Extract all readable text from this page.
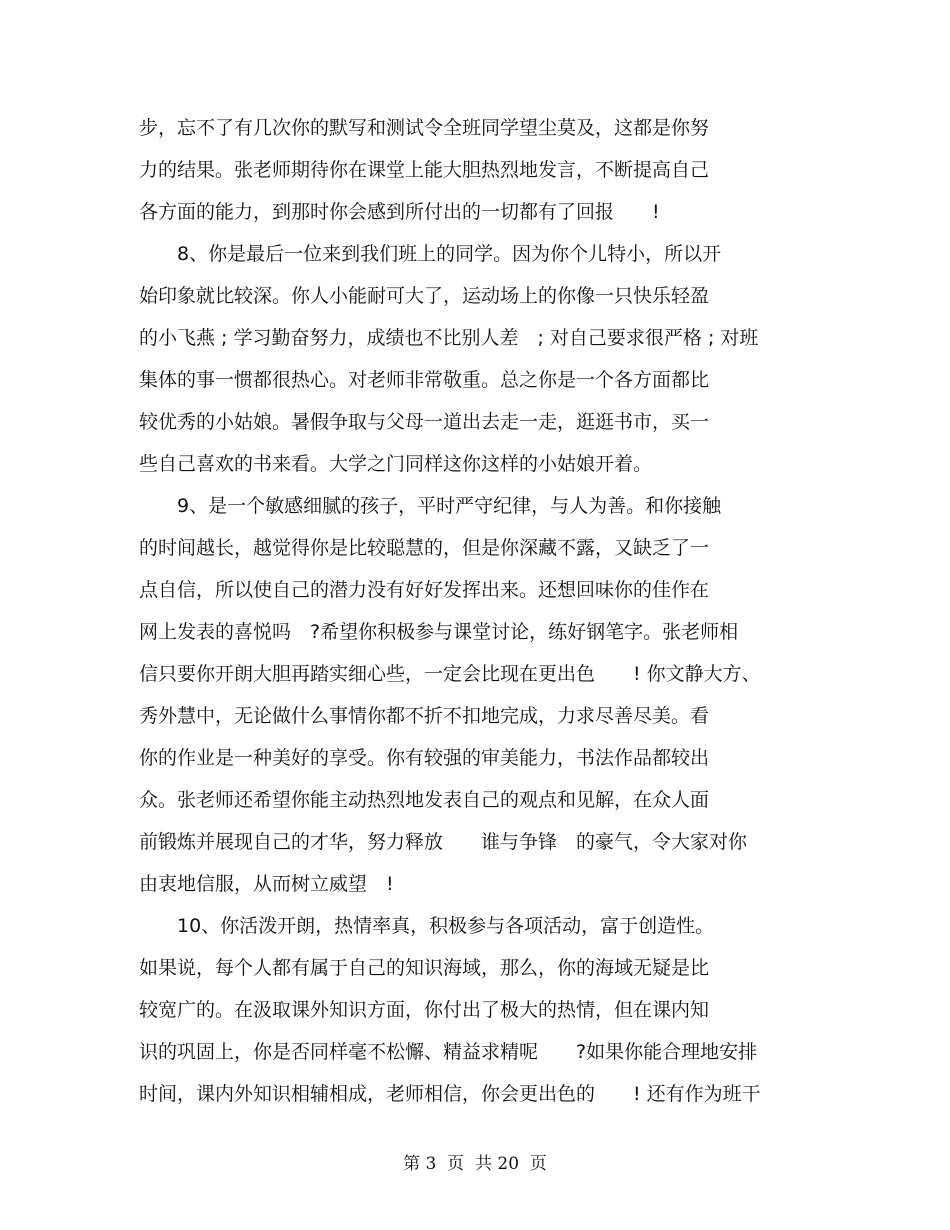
步，忘不了有几次你的默写和测试令全班同学望尘莫及，这都是你努
力的结果。张老师期待你在课堂上能大胆热烈地发言，不断提高自己
各方面的能力，到那时你会感到所付出的一切都有了回报　　!
　　8、你是最后一位来到我们班上的同学。因为你个儿特小，所以开
始印象就比较深。你人小能耐可大了，运动场上的你像一只快乐轻盈
的小飞燕 ; 学习勤奋努力，成绩也不比别人差　; 对自己要求很严格 ; 对班
集体的事一惯都很热心。对老师非常敬重。总之你是一个各方面都比
较优秀的小姑娘。暑假争取与父母一道出去走一走，逛逛书市，买一
些自己喜欢的书来看。大学之门同样这你这样的小姑娘开着。
　　9、是一个敏感细腻的孩子，平时严守纪律，与人为善。和你接触
的时间越长，越觉得你是比较聪慧的，但是你深藏不露，又缺乏了一
点自信，所以使自己的潜力没有好好发挥出来。还想回味你的佳作在
网上发表的喜悦吗　?希望你积极参与课堂讨论，练好钢笔字。张老师相
信只要你开朗大胆再踏实细心些，一定会比现在更出色　　! 你文静大方、
秀外慧中，无论做什么事情你都不折不扣地完成，力求尽善尽美。看
你的作业是一种美好的享受。你有较强的审美能力，书法作品都较出
众。张老师还希望你能主动热烈地发表自己的观点和见解，在众人面
前锻炼并展现自己的才华，努力释放　　谁与争锋　的豪气，令大家对你
由衷地信服，从而树立威望　!
　　10、你活泼开朗，热情率真，积极参与各项活动，富于创造性。
如果说，每个人都有属于自己的知识海域，那么，你的海域无疑是比
较宽广的。在汲取课外知识方面，你付出了极大的热情，但在课内知
识的巩固上，你是否同样毫不松懈、精益求精呢　　?如果你能合理地安排
时间，课内外知识相辅相成，老师相信，你会更出色的　　! 还有作为班干
第 3  页  共 20  页
